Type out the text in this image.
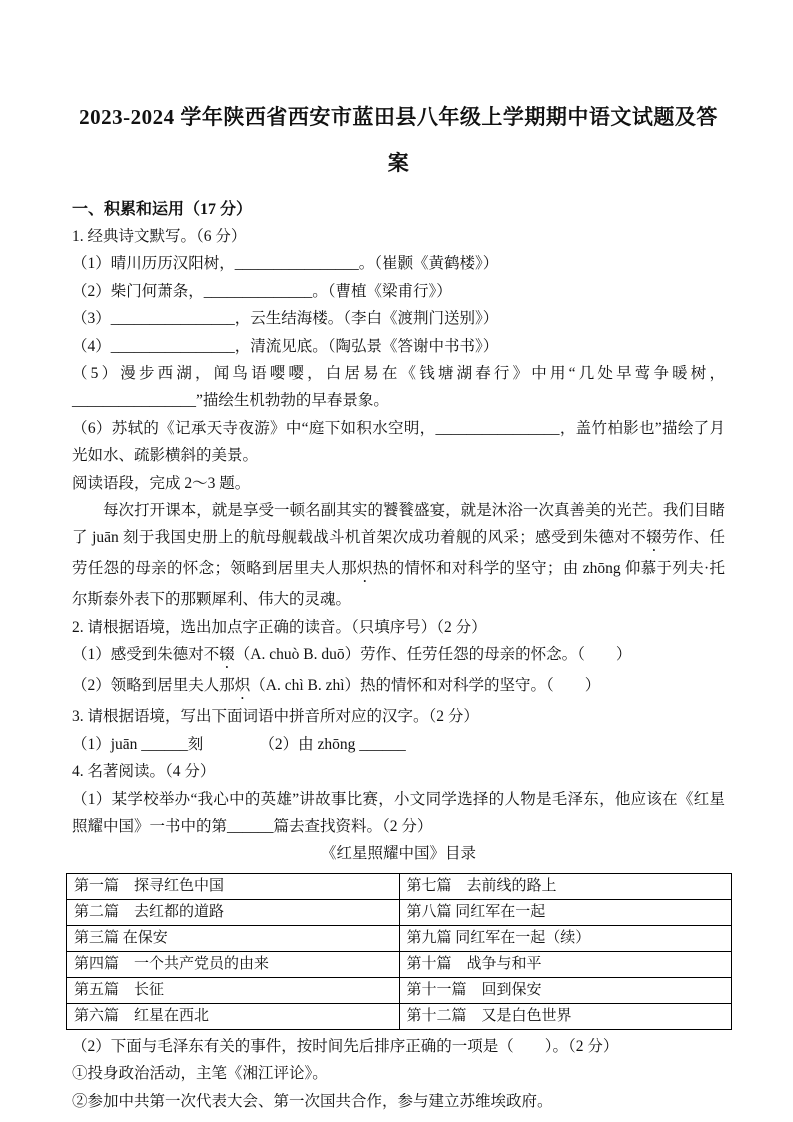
2023-2024 学年陕西省西安市蓝田县八年级上学期期中语文试题及答案
一、积累和运用（17 分）

1. 经典诗文默写。（6 分）

（1）晴川历历汉阳树，________________。（崔颢《黄鹤楼》）

（2）柴门何萧条，______________。（曹植《梁甫行》）

（3）________________，云生结海楼。（李白《渡荆门送别》）

（4）________________，清流见底。（陶弘景《答谢中书书》）

（5）漫步西湖，闻鸟语嘤嘤，白居易在《钱塘湖春行》中用“几处早莺争暖树，________________”描绘生机勃勃的早春景象。

（6）苏轼的《记承天寺夜游》中“庭下如积水空明，________________，盖竹柏影也”描绘了月光如水、疏影横斜的美景。

阅读语段，完成 2～3 题。

每次打开课本，就是享受一顿名副其实的饕餮盛宴，就是沐浴一次真善美的光芒。我们目睹了 juān 刻于我国史册上的航母舰载战斗机首架次成功着舰的风采；感受到朱德对不辍劳作、任劳任怨的母亲的怀念；领略到居里夫人那炽热的情怀和对科学的坚守；由 zhōng 仰慕于列夫·托尔斯泰外表下的那颗犀利、伟大的灵魂。

2. 请根据语境，选出加点字正确的读音。（只填序号）（2 分）

（1）感受到朱德对不辍（A. chuò B. duō）劳作、任劳任怨的母亲的怀念。（　　）

（2）领略到居里夫人那炽（A. chì B. zhì）热的情怀和对科学的坚守。（　　）

3. 请根据语境，写出下面词语中拼音所对应的汉字。（2 分）

（1）juān ______刻	（2）由 zhōng ______

4. 名著阅读。（4 分）

（1）某学校举办“我心中的英雄”讲故事比赛，小文同学选择的人物是毛泽东，他应该在《红星照耀中国》一书中的第______篇去查找资料。（2 分）

《红星照耀中国》目录

第一篇　探寻红色中国	第七篇　去前线的路上
第二篇　去红都的道路	第八篇 同红军在一起
第三篇 在保安	第九篇 同红军在一起（续）
第四篇　一个共产党员的由来	第十篇　战争与和平
第五篇　长征	第十一篇　回到保安
第六篇　红星在西北	第十二篇　又是白色世界

（2）下面与毛泽东有关的事件，按时间先后排序正确的一项是（　　）。（2 分）

①投身政治活动，主笔《湘江评论》。

②参加中共第一次代表大会、第一次国共合作，参与建立苏维埃政府。
